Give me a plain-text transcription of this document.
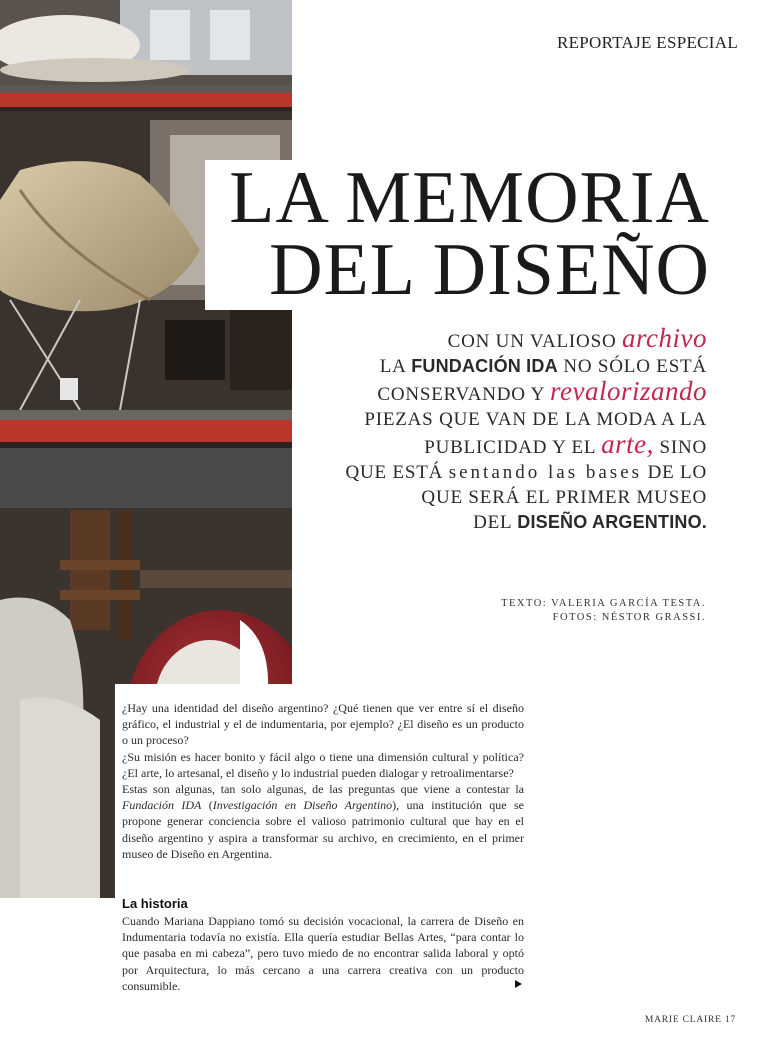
REPORTAJE ESPECIAL
LA MEMORIA
DEL DISEÑO
CON UN VALIOSO archivo
LA FUNDACIÓN IDA NO SÓLO ESTÁ
CONSERVANDO Y revalorizando
PIEZAS QUE VAN DE LA MODA A LA
PUBLICIDAD Y EL arte, SINO
QUE ESTÁ sentando las bases DE LO
QUE SERÁ EL PRIMER MUSEO
DEL DISEÑO ARGENTINO.
TEXTO: VALERIA GARCÍA TESTA.
FOTOS: NÉSTOR GRASSI.

¿Hay una identidad del diseño argentino? ¿Qué tienen que ver entre sí el diseño gráfico, el industrial y el de indumentaria, por ejemplo? ¿El diseño es un producto o un proceso?

¿Su misión es hacer bonito y fácil algo o tiene una dimensión cultural y política? ¿El arte, lo artesanal, el diseño y lo industrial pueden dialogar y retroalimentarse?

Estas son algunas, tan solo algunas, de las preguntas que viene a contestar la Fundación IDA (Investigación en Diseño Argentino), una institución que se propone generar conciencia sobre el valioso patrimonio cultural que hay en el diseño argentino y aspira a transformar su archivo, en crecimiento, en el primer museo de Diseño en Argentina.

La historia

Cuando Mariana Dappiano tomó su decisión vocacional, la carrera de Diseño en Indumentaria todavía no existía. Ella quería estudiar Bellas Artes, “para contar lo que pasaba en mi cabeza”, pero tuvo miedo de no encontrar salida laboral y optó por Arquitectura, lo más cercano a una carrera creativa con un producto consumible.

MARIE CLAIRE 17
